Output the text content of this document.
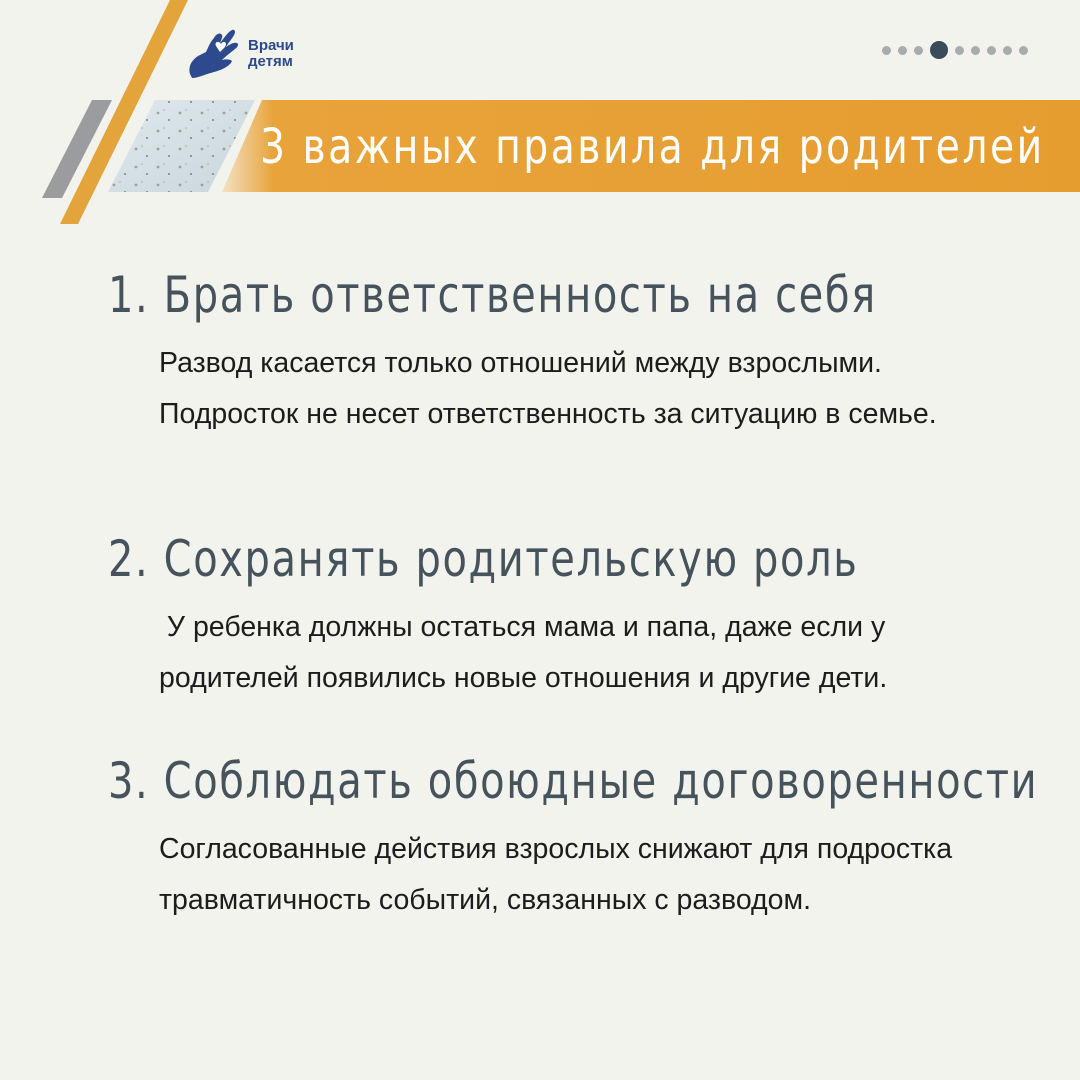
Врачи
детям
3 важных правила для родителей
1. Брать ответственность на себя
Развод касается только отношений между взрослыми. Подросток не несет ответственность за ситуацию в семье.
2. Сохранять родительскую роль
У ребенка должны остаться мама и папа, даже если у родителей появились новые отношения и другие дети.
3. Соблюдать обоюдные договоренности
Согласованные действия взрослых снижают для подростка травматичность событий, связанных с разводом.
